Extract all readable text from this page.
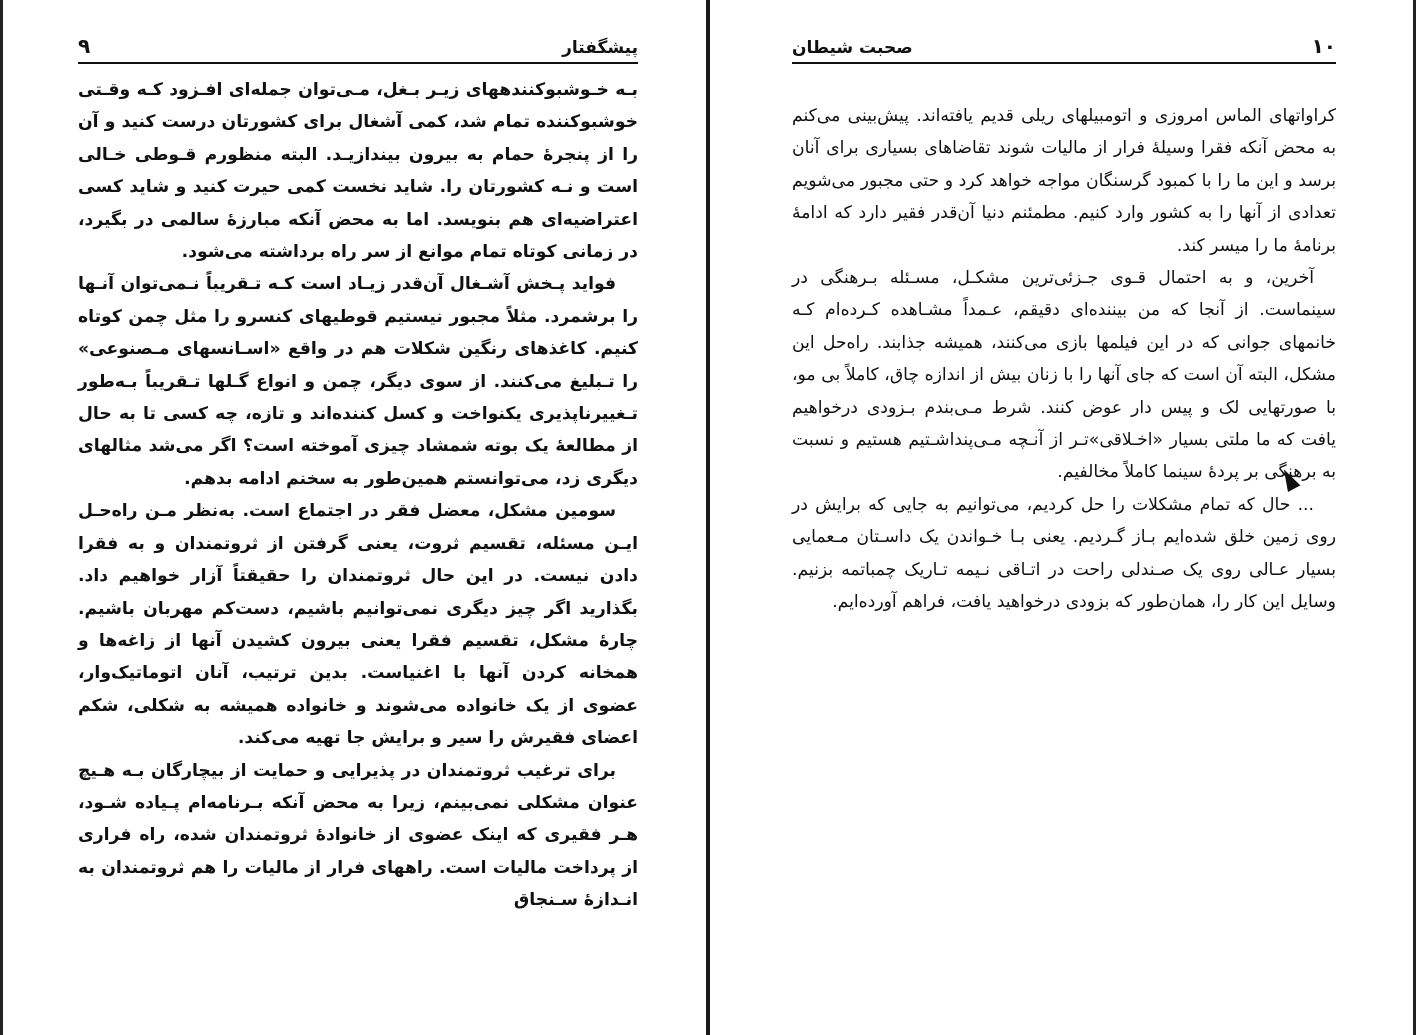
پیشگفتار
۹

بـه خـوشبوکنندههای زیـر بـغل، مـی‌توان جمله‌ای افـزود کـه وقـتی خوشبوکننده تمام شد، کمی آشغال برای کشورتان درست کنید و آن را از پنجرهٔ حمام به بیرون بیندازیـد. البته منظورم قـوطی خـالی است و نـه کشورتان را. شاید نخست کمی حیرت کنید و شاید کسی اعتراضیه‌ای هم بنویسد. اما به محض آنکه مبارزهٔ سالمی در بگیرد، در زمانی کوتاه تمام موانع از سر راه برداشته می‌شود.

فواید پـخش آشـغال آن‌قدر زیـاد است کـه تـقریباً نـمی‌توان آنـها را برشمرد. مثلاً مجبور نیستیم قوطیهای کنسرو را مثل چمن کوتاه کنیم. کاغذهای رنگین شکلات هم در واقع «اسـانسهای مـصنوعی» را تـبلیغ می‌کنند. از سوی دیگر، چمن و انواع گـلها تـقریباً بـه‌طور تـغییرناپذیری یکنواخت و کسل کننده‌اند و تازه، چه کسی تا به حال از مطالعهٔ یک بوته شمشاد چیزی آموخته است؟ اگر می‌شد مثالهای دیگری زد، می‌توانستم همین‌طور به سخنم ادامه بدهم.

سومین مشکل، معضل فقر در اجتماع است. به‌نظر مـن راه‌حـل ایـن مسئله، تقسیم ثروت، یعنی گرفتن از ثروتمندان و به فقرا دادن نیست. در این حال ثروتمندان را حقیقتاً آزار خواهیم داد. بگذارید اگر چیز دیگری نمی‌توانیم باشیم، دست‌کم مهربان باشیم. چارهٔ مشکل، تقسیم فقرا یعنی بیرون کشیدن آنها از زاغه‌ها و همخانه کردن آنها با اغنیاست. بدین ترتیب، آنان اتوماتیک‌وار، عضوی از یک خانواده می‌شوند و خانواده همیشه به شکلی، شکم اعضای فقیرش را سیر و برایش جا تهیه می‌کند.

برای ترغیب ثروتمندان در پذیرایی و حمایت از بیچارگان بـه هـیچ عنوان مشکلی نمی‌بینم، زیرا به محض آنکه بـرنامه‌ام پـیاده شـود، هـر فقیری که اینک عضوی از خانوادهٔ ثروتمندان شده، راه فراری از پرداخت مالیات است. راههای فرار از مالیات را هم ثروتمندان به انـدازهٔ سـنجاق

۱۰
صحبت شیطان

کراواتهای الماس امروزی و اتومبیلهای ریلی قدیم یافته‌اند. پیش‌بینی می‌کنم به محض آنکه فقرا وسیلهٔ فرار از مالیات شوند تقاضاهای بسیاری برای آنان برسد و این ما را با کمبود گرسنگان مواجه خواهد کرد و حتی مجبور می‌شویم تعدادی از آنها را به کشور وارد کنیم. مطمئنم دنیا آن‌قدر فقیر دارد که ادامهٔ برنامهٔ ما را میسر کند.

آخرین، و به احتمال قـوی جـزئی‌ترین مشکـل، مسـئله بـرهنگی در سینماست. از آنجا که من بیننده‌ای دقیقم، عـمداً مشـاهده کـرده‌ام کـه خانمهای جوانی که در این فیلمها بازی می‌کنند، همیشه جذابند. راه‌حل این مشکل، البته آن است که جای آنها را با زنان بیش از اندازه چاق، کاملاً بی مو، با صورتهایی لک و پیس دار عوض کنند. شرط مـی‌بندم بـزودی درخواهیم یافت که ما ملتی بسیار «اخـلاقی»تـر از آنـچه مـی‌پنداشـتیم هستیم و نسبت به برهنگی بر پردهٔ سینما کاملاً مخالفیم.

... حال که تمام مشکلات را حل کردیم، می‌توانیم به جایی که برایش در روی زمین خلق شده‌ایم بـاز گـردیم. یعنی بـا خـواندن یک داسـتان مـعمایی بسیار عـالی روی یک صـندلی راحت در اتـاقی نـیمه تـاریک چمباتمه بزنیم. وسایل این کار را، همان‌طور که بزودی درخواهید یافت، فراهم آورده‌ایم.
